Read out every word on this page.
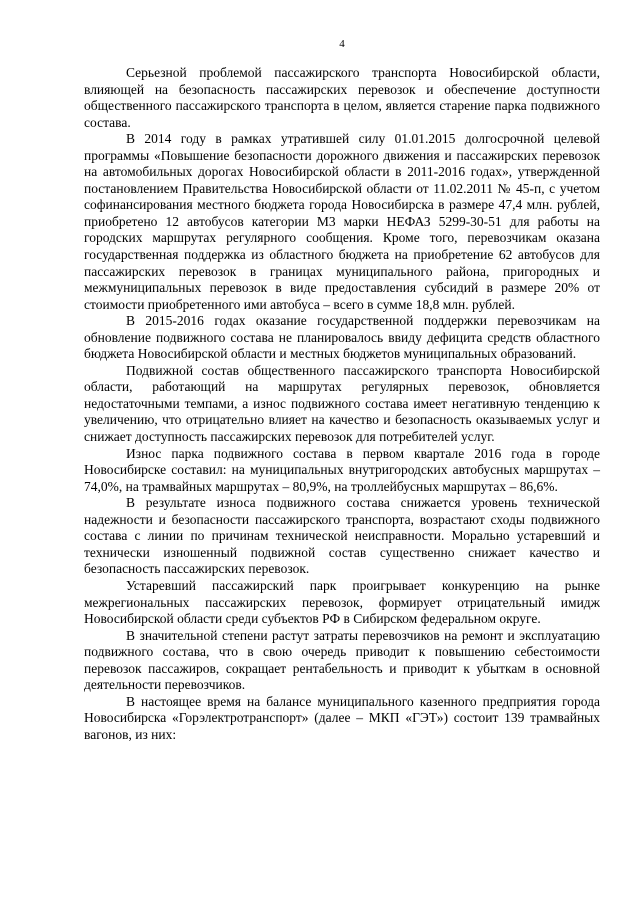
4

Серьезной проблемой пассажирского транспорта Новосибирской области, влияющей на безопасность пассажирских перевозок и обеспечение доступности общественного пассажирского транспорта в целом, является старение парка подвижного состава.

В 2014 году в рамках утратившей силу 01.01.2015 долгосрочной целевой программы «Повышение безопасности дорожного движения и пассажирских перевозок на автомобильных дорогах Новосибирской области в 2011-2016 годах», утвержденной постановлением Правительства Новосибирской области от 11.02.2011 № 45-п, с учетом софинансирования местного бюджета города Новосибирска в размере 47,4 млн. рублей, приобретено 12 автобусов категории М3 марки НЕФАЗ 5299-30-51 для работы на городских маршрутах регулярного сообщения. Кроме того, перевозчикам оказана государственная поддержка из областного бюджета на приобретение 62 автобусов для пассажирских перевозок в границах муниципального района, пригородных и межмуниципальных перевозок в виде предоставления субсидий в размере 20% от стоимости приобретенного ими автобуса – всего в сумме 18,8 млн. рублей.

В 2015-2016 годах оказание государственной поддержки перевозчикам на обновление подвижного состава не планировалось ввиду дефицита средств областного бюджета Новосибирской области и местных бюджетов муниципальных образований.

Подвижной состав общественного пассажирского транспорта Новосибирской области, работающий на маршрутах регулярных перевозок, обновляется недостаточными темпами, а износ подвижного состава имеет негативную тенденцию к увеличению, что отрицательно влияет на качество и безопасность оказываемых услуг и снижает доступность пассажирских перевозок для потребителей услуг.

Износ парка подвижного состава в первом квартале 2016 года в городе Новосибирске составил: на муниципальных внутригородских автобусных маршрутах – 74,0%, на трамвайных маршрутах – 80,9%, на троллейбусных маршрутах – 86,6%.

В результате износа подвижного состава снижается уровень технической надежности и безопасности пассажирского транспорта, возрастают сходы подвижного состава с линии по причинам технической неисправности. Морально устаревший и технически изношенный подвижной состав существенно снижает качество и безопасность пассажирских перевозок.

Устаревший пассажирский парк проигрывает конкуренцию на рынке межрегиональных пассажирских перевозок, формирует отрицательный имидж Новосибирской области среди субъектов РФ в Сибирском федеральном округе.

В значительной степени растут затраты перевозчиков на ремонт и эксплуатацию подвижного состава, что в свою очередь приводит к повышению себестоимости перевозок пассажиров, сокращает рентабельность и приводит к убыткам в основной деятельности перевозчиков.

В настоящее время на балансе муниципального казенного предприятия города Новосибирска «Горэлектротранспорт» (далее – МКП «ГЭТ») состоит 139 трамвайных вагонов, из них:
